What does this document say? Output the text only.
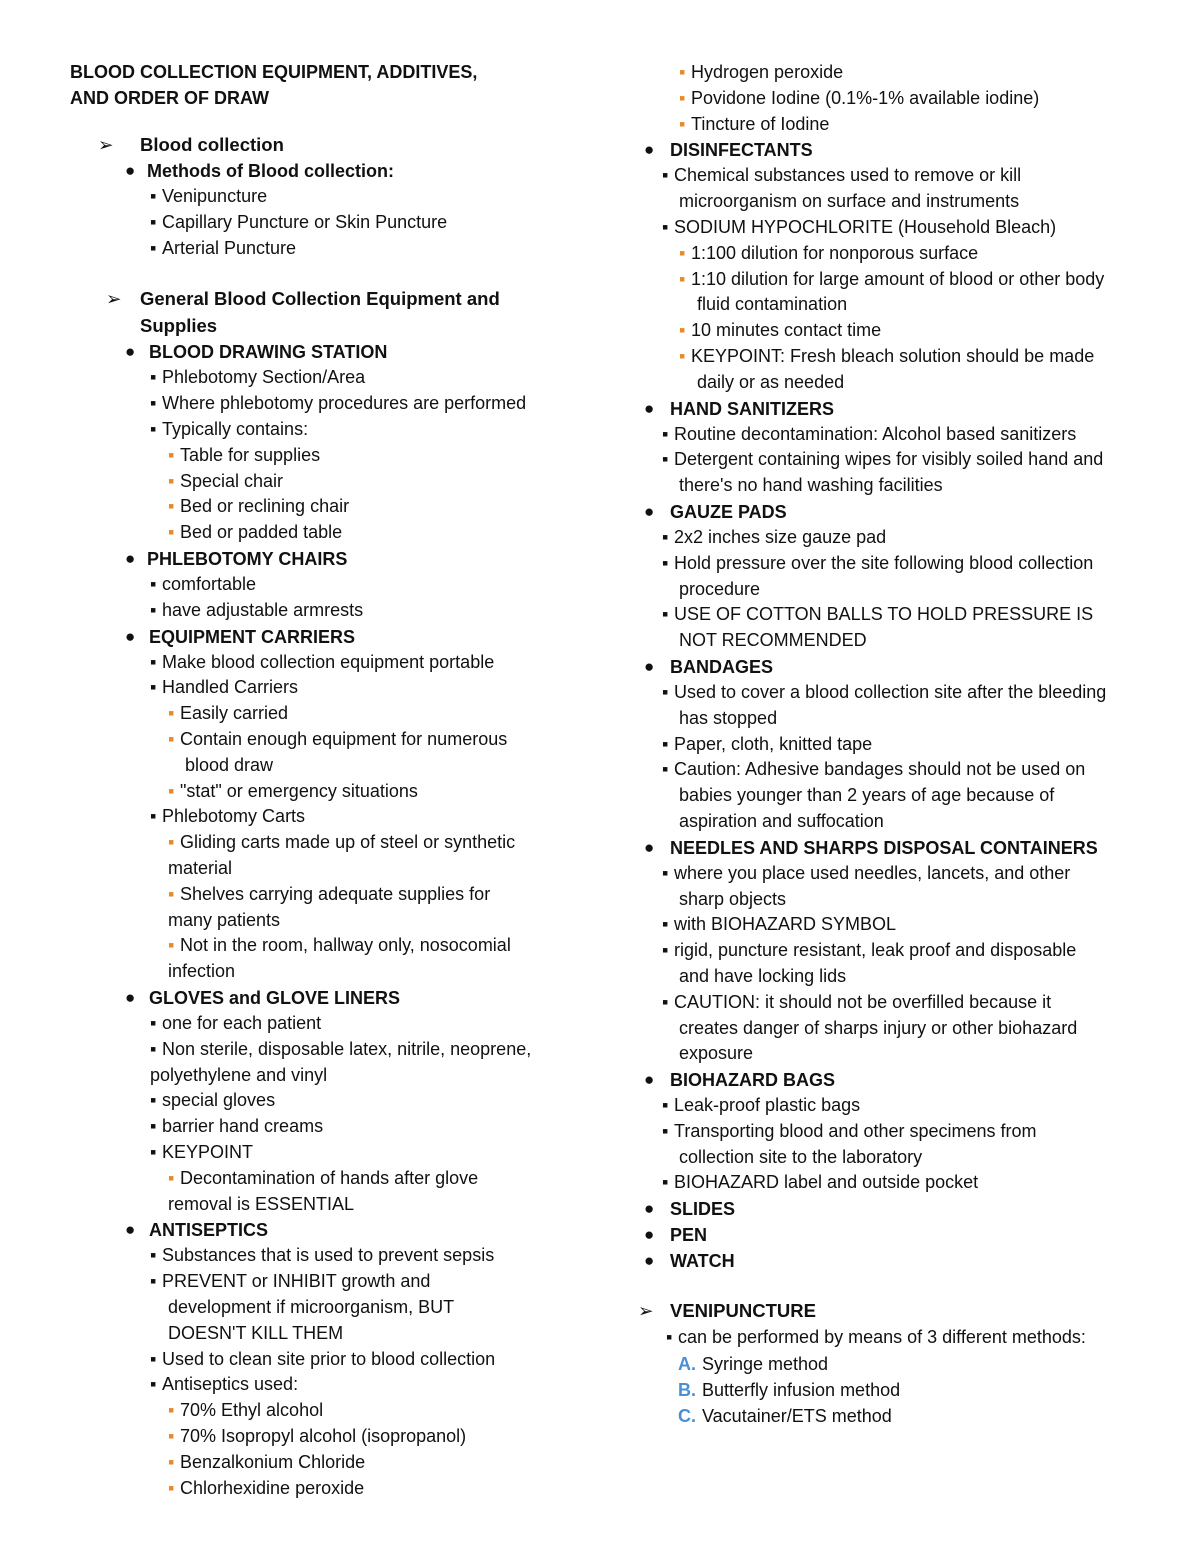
BLOOD COLLECTION EQUIPMENT, ADDITIVES,
AND ORDER OF DRAW
➢ Blood collection
● Methods of Blood collection:
▪ Venipuncture
▪ Capillary Puncture or Skin Puncture
▪ Arterial Puncture
➢ General Blood Collection Equipment and
Supplies
● BLOOD DRAWING STATION
▪ Phlebotomy Section/Area
▪ Where phlebotomy procedures are performed
▪ Typically contains:
▪ Table for supplies
▪ Special chair
▪ Bed or reclining chair
▪ Bed or padded table
● PHLEBOTOMY CHAIRS
▪ comfortable
▪ have adjustable armrests
● EQUIPMENT CARRIERS
▪ Make blood collection equipment portable
▪ Handled Carriers
▪ Easily carried
▪ Contain enough equipment for numerous
blood draw
▪ "stat" or emergency situations
▪ Phlebotomy Carts
▪ Gliding carts made up of steel or synthetic
material
▪ Shelves carrying adequate supplies for
many patients
▪ Not in the room, hallway only, nosocomial
infection
● GLOVES and GLOVE LINERS
▪ one for each patient
▪ Non sterile, disposable latex, nitrile, neoprene,
polyethylene and vinyl
▪ special gloves
▪ barrier hand creams
▪ KEYPOINT
▪ Decontamination of hands after glove
removal is ESSENTIAL
● ANTISEPTICS
▪ Substances that is used to prevent sepsis
▪ PREVENT or INHIBIT growth and
development if microorganism, BUT
DOESN'T KILL THEM
▪ Used to clean site prior to blood collection
▪ Antiseptics used:
▪ 70% Ethyl alcohol
▪ 70% Isopropyl alcohol (isopropanol)
▪ Benzalkonium Chloride
▪ Chlorhexidine peroxide
▪ Hydrogen peroxide
▪ Povidone Iodine (0.1%-1% available iodine)
▪ Tincture of Iodine
● DISINFECTANTS
▪ Chemical substances used to remove or kill
microorganism on surface and instruments
▪ SODIUM HYPOCHLORITE (Household Bleach)
▪ 1:100 dilution for nonporous surface
▪ 1:10 dilution for large amount of blood or other body
fluid contamination
▪ 10 minutes contact time
▪ KEYPOINT: Fresh bleach solution should be made
daily or as needed
● HAND SANITIZERS
▪ Routine decontamination: Alcohol based sanitizers
▪ Detergent containing wipes for visibly soiled hand and
there's no hand washing facilities
● GAUZE PADS
▪ 2x2 inches size gauze pad
▪ Hold pressure over the site following blood collection
procedure
▪ USE OF COTTON BALLS TO HOLD PRESSURE IS
NOT RECOMMENDED
● BANDAGES
▪ Used to cover a blood collection site after the bleeding
has stopped
▪ Paper, cloth, knitted tape
▪ Caution: Adhesive bandages should not be used on
babies younger than 2 years of age because of
aspiration and suffocation
● NEEDLES AND SHARPS DISPOSAL CONTAINERS
▪ where you place used needles, lancets, and other
sharp objects
▪ with BIOHAZARD SYMBOL
▪ rigid, puncture resistant, leak proof and disposable
and have locking lids
▪ CAUTION: it should not be overfilled because it
creates danger of sharps injury or other biohazard
exposure
● BIOHAZARD BAGS
▪ Leak-proof plastic bags
▪ Transporting blood and other specimens from
collection site to the laboratory
▪ BIOHAZARD label and outside pocket
● SLIDES
● PEN
● WATCH
➢ VENIPUNCTURE
▪ can be performed by means of 3 different methods:
A. Syringe method
B. Butterfly infusion method
C. Vacutainer/ETS method
